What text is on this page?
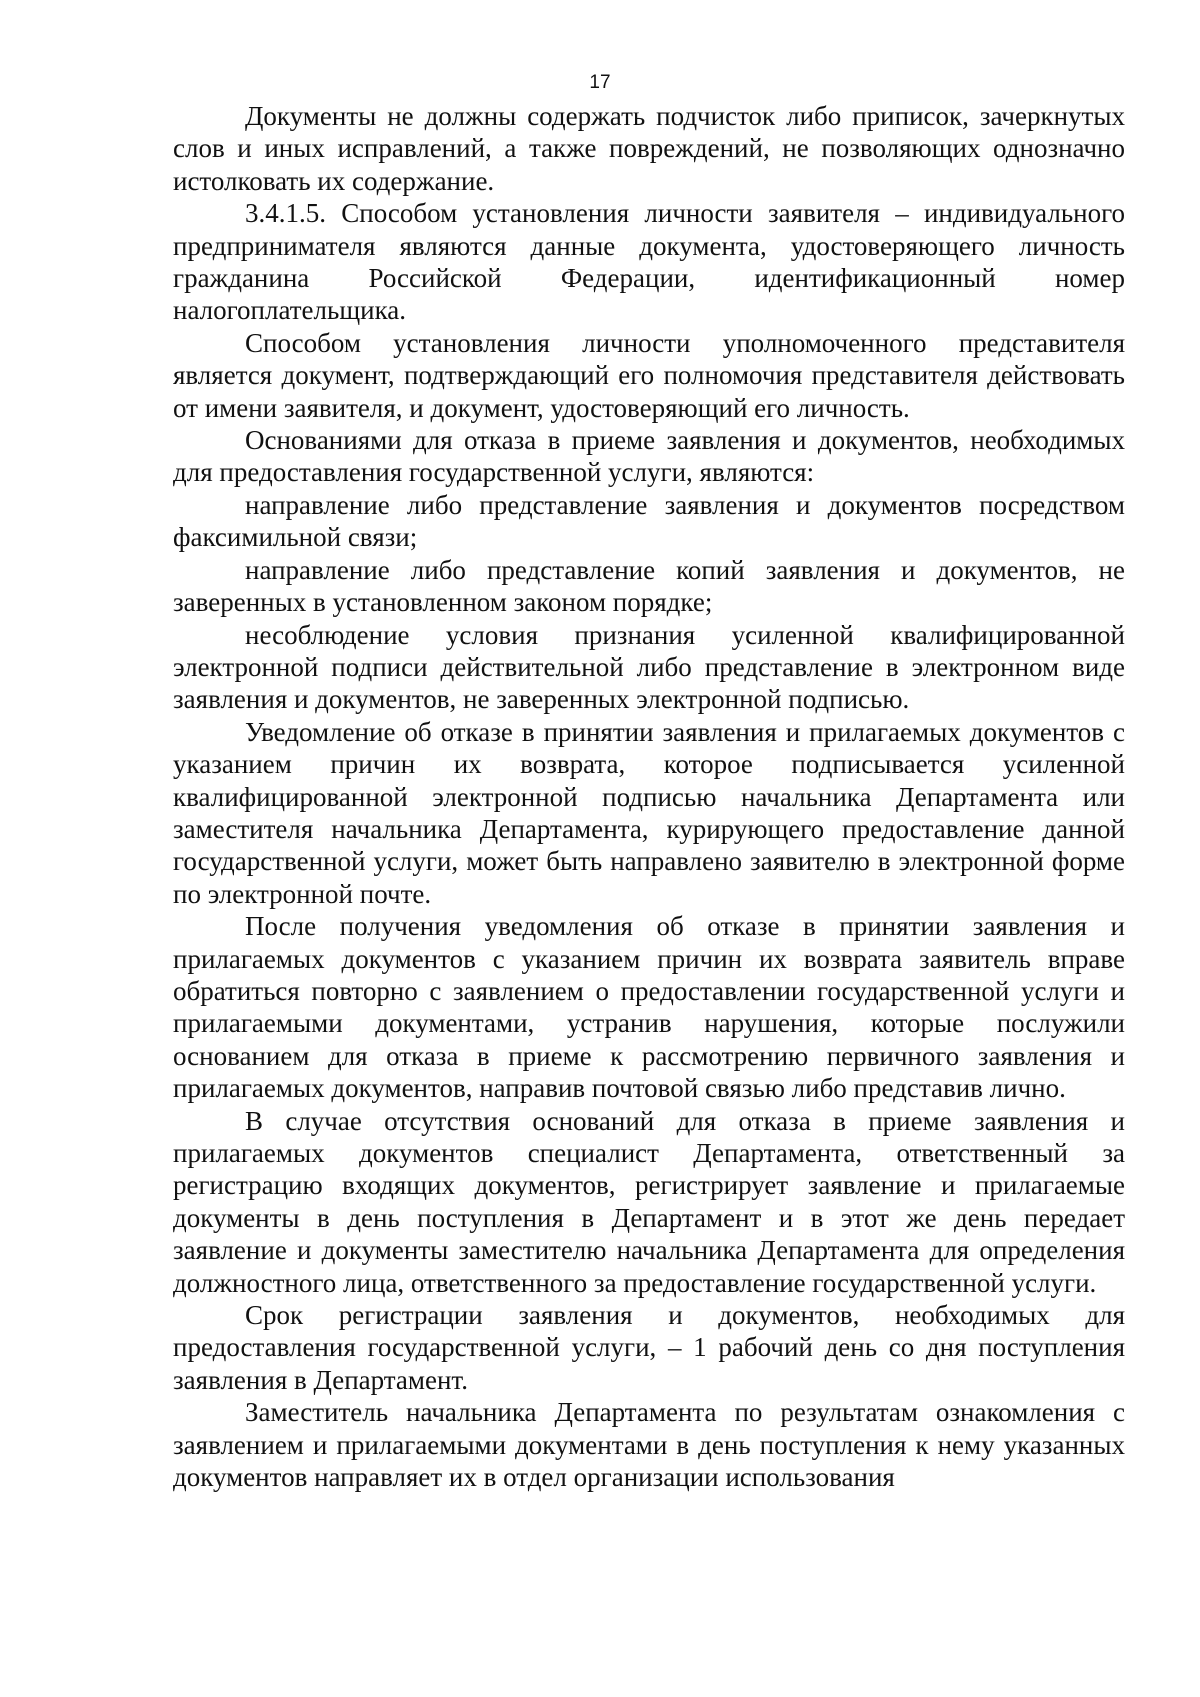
17

Документы не должны содержать подчисток либо приписок, зачеркнутых слов и иных исправлений, а также повреждений, не позволяющих однозначно истолковать их содержание.

3.4.1.5. Способом установления личности заявителя – индивидуального предпринимателя являются данные документа, удостоверяющего личность гражданина Российской Федерации, идентификационный номер налогоплательщика.

Способом установления личности уполномоченного представителя является документ, подтверждающий его полномочия представителя действовать от имени заявителя, и документ, удостоверяющий его личность.

Основаниями для отказа в приеме заявления и документов, необходимых для предоставления государственной услуги, являются:

направление либо представление заявления и документов посредством факсимильной связи;

направление либо представление копий заявления и документов, не заверенных в установленном законом порядке;

несоблюдение условия признания усиленной квалифицированной электронной подписи действительной либо представление в электронном виде заявления и документов, не заверенных электронной подписью.

Уведомление об отказе в принятии заявления и прилагаемых документов с указанием причин их возврата, которое подписывается усиленной квалифицированной электронной подписью начальника Департамента или заместителя начальника Департамента, курирующего предоставление данной государственной услуги, может быть направлено заявителю в электронной форме по электронной почте.

После получения уведомления об отказе в принятии заявления и прилагаемых документов с указанием причин их возврата заявитель вправе обратиться повторно с заявлением о предоставлении государственной услуги и прилагаемыми документами, устранив нарушения, которые послужили основанием для отказа в приеме к рассмотрению первичного заявления и прилагаемых документов, направив почтовой связью либо представив лично.

В случае отсутствия оснований для отказа в приеме заявления и прилагаемых документов специалист Департамента, ответственный за регистрацию входящих документов, регистрирует заявление и прилагаемые документы в день поступления в Департамент и в этот же день передает заявление и документы заместителю начальника Департамента для определения должностного лица, ответственного за предоставление государственной услуги.

Срок регистрации заявления и документов, необходимых для предоставления государственной услуги, – 1 рабочий день со дня поступления заявления в Департамент.

Заместитель начальника Департамента по результатам ознакомления с заявлением и прилагаемыми документами в день поступления к нему указанных документов направляет их в отдел организации использования
